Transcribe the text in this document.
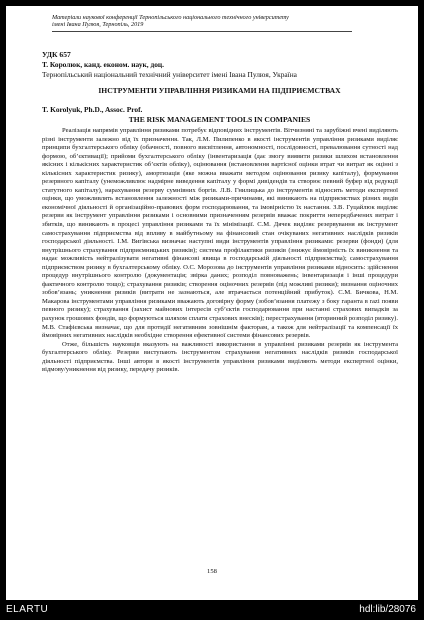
Матеріали наукової конференції Тернопільського національного технічного університету
імені Івана Пулюя, Тернопіль, 2019
УДК 657
Т. Королюк, канд. економ. наук, доц.
Тернопільський національний технічний університет імені Івана Пулюя, Україна
ІНСТРУМЕНТИ УПРАВЛІННЯ РИЗИКАМИ НА ПІДПРИЄМСТВАХ
T. Korolyuk, Ph.D., Assoc. Prof.
THE RISK MANAGEMENT TOOLS IN COMPANIES

Реалізація напрямів управління ризиками потребує відповідних інструментів. Вітчизняні та зарубіжні вчені виділяють різні інструменти залежно від їх призначення. Так, Л.М. Пилипенко в якості інструментів управління ризиками виділяє принципи бухгалтерського обліку (обачності, повного висвітлення, автономності, послідовності, превалювання сутності над формою, об’єктивації); прийоми бухгалтерського обліку (інвентаризація (дає змогу виявити ризики шляхом встановлення якісних і кількісних характеристик об’єктів обліку), оцінювання (встановлення вартісної оцінки втрат чи витрат як оцінні з кількісних характеристик ризику), амортизація (яке можна вважати методом оцінювання ризику капіталу), формування резервного капіталу (унеможливлює надмірне виведення капіталу у формі дивідендів та створює певний буфер від редукції статутного капіталу), нарахування резерву сумнівних боргів. Л.В. Гнилицька до інструментів відносить методи експертної оцінки, що уможливлять встановлення залежності між ризиками-причинами, які виникають на підприємствах різних видів економічної діяльності й організаційно-правових форм господарювання, та імовірністю їх настання. З.В. Гуцайлюк виділяє резерви як інструмент управління ризиками і основними призначенням резервів вважає покриття непередбачених витрат і збитків, що виникають в процесі управління ризиками та їх мінімізації. С.М. Дячек виділяє резервування як інструмент самострахування підприємства від впливу в майбутньому на фінансовий стан очікуваних негативних наслідків ризиків господарської діяльності. І.М. Вигівська визначає наступні види інструментів управління ризиками: резерви (фонди) (для внутрішнього страхування підприємницьких ризиків); система профілактики ризиків (знижує ймовірність їх виникнення та надає можливість нейтралізувати негативні фінансові явища в господарській діяльності підприємства); самострахування підприємством ризику в бухгалтерському обліку. О.С. Морозова до інструментів управління ризиками відносить: здійснення процедур внутрішнього контролю (документація; звірка даних; розподіл повноважень; інвентаризація і інші процедури фактичного контролю тощо); страхування ризиків; створення оціночних резервів (під можливі ризики); визнання оціночних зобов’язань; уникнення ризиків (витрати не зазнаються, але втрачається потенційний прибуток). С.М. Бичкова, Н.М. Макарова інструментами управління ризиками вважають договірну форму (зобов’язання платежу з боку гаранта в razi появи певного ризику); страхування (захист майнових інтересів суб’єктів господарювання при настанні страхових випадків за рахунок грошових фондів, що формуються шляхом сплати страхових внесків); перестрахування (вторинний розподіл ризику). М.В. Стафієвська визначає, що для протидії негативним зовнішнім факторам, а також для нейтралізації та компенсації їх ймовірних негативних наслідків необхідне створення ефективної системи фінансових резервів.

Отже, більшість науковців вказують на важливості використання в управлінні ризиками резервів як інструмента бухгалтерського обліку. Резерви виступають інструментом страхування негативних наслідків ризиків господарської діяльності підприємства. Інші автори в якості інструментів управління ризиками виділяють методи експертної оцінки, відмову/уникнення від ризику, передачу ризиків.

158
ELARTU	hdl:lib/28076
